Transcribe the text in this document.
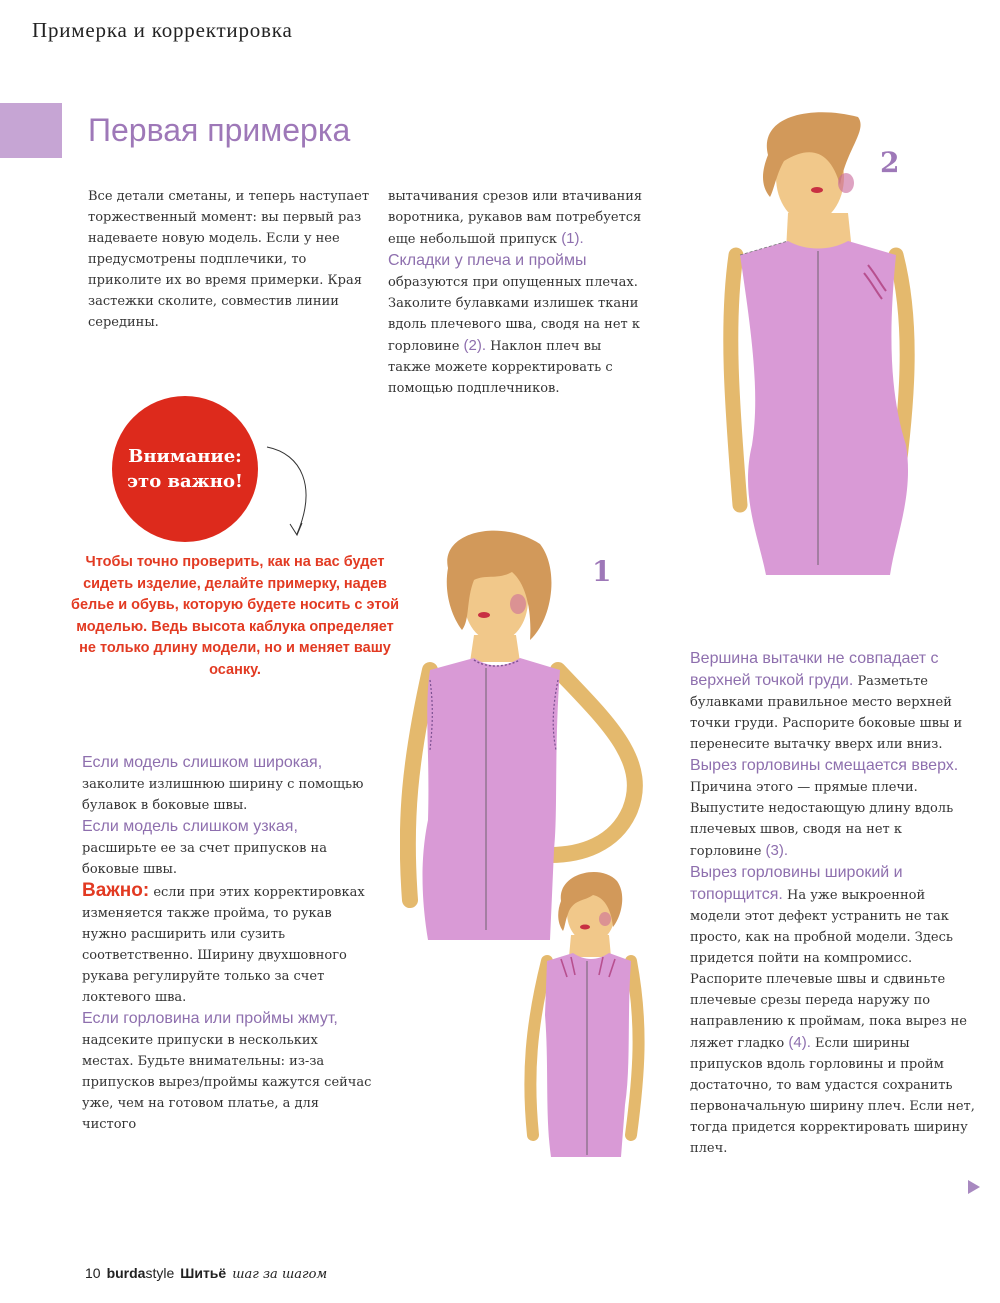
Примерка и корректировка
Первая примерка

Все детали сметаны, и теперь наступает торжественный момент: вы первый раз надеваете новую модель. Если у нее предусмотрены подплечики, то приколите их во время примерки. Края застежки сколите, совместив линии середины.

вытачивания срезов или втачивания воротника, рукавов вам потребуется еще небольшой припуск (1).

Складки у плеча и проймы
образуются при опущенных плечах. Заколите булавками излишек ткани вдоль плечевого шва, сводя на нет к горловине (2). Наклон плеч вы также можете корректировать с помощью подплечников.

Внимание:
это важно!
Чтобы точно проверить, как на вас будет сидеть изделие, делайте примерку, надев белье и обувь, которую будете носить с этой моделью. Ведь высота каблука определяет не только длину модели, но и меняет вашу осанку.

Если модель слишком широкая, заколите излишнюю ширину с помощью булавок в боковые швы.

Если модель слишком узкая, расширьте ее за счет припусков на боковые швы.

Важно: если при этих корректировках изменяется также пройма, то рукав нужно расширить или сузить соответственно. Ширину двухшовного рукава регулируйте только за счет локтевого шва.

Если горловина или проймы жмут, надсеките припуски в нескольких местах. Будьте внимательны: из-за припусков вырез/проймы кажутся сейчас уже, чем на готовом платье, а для чистого

Вершина вытачки не совпадает с верхней точкой груди. Разметьте булавками правильное место верхней точки груди. Распорите боковые швы и перенесите вытачку вверх или вниз.

Вырез горловины смещается вверх. Причина этого — прямые плечи. Выпустите недостающую длину вдоль плечевых швов, сводя на нет к горловине (3).

Вырез горловины широкий и топорщится. На уже выкроенной модели этот дефект устранить не так просто, как на пробной модели. Здесь придется пойти на компромисс. Распорите плечевые швы и сдвиньте плечевые срезы переда наружу по направлению к проймам, пока вырез не ляжет гладко (4). Если ширины припусков вдоль горловины и пройм достаточно, то вам удастся сохранить первоначальную ширину плеч. Если нет, тогда придется корректировать ширину плеч.

2
1
10 burdastyle Шитьё шаг за шагом
